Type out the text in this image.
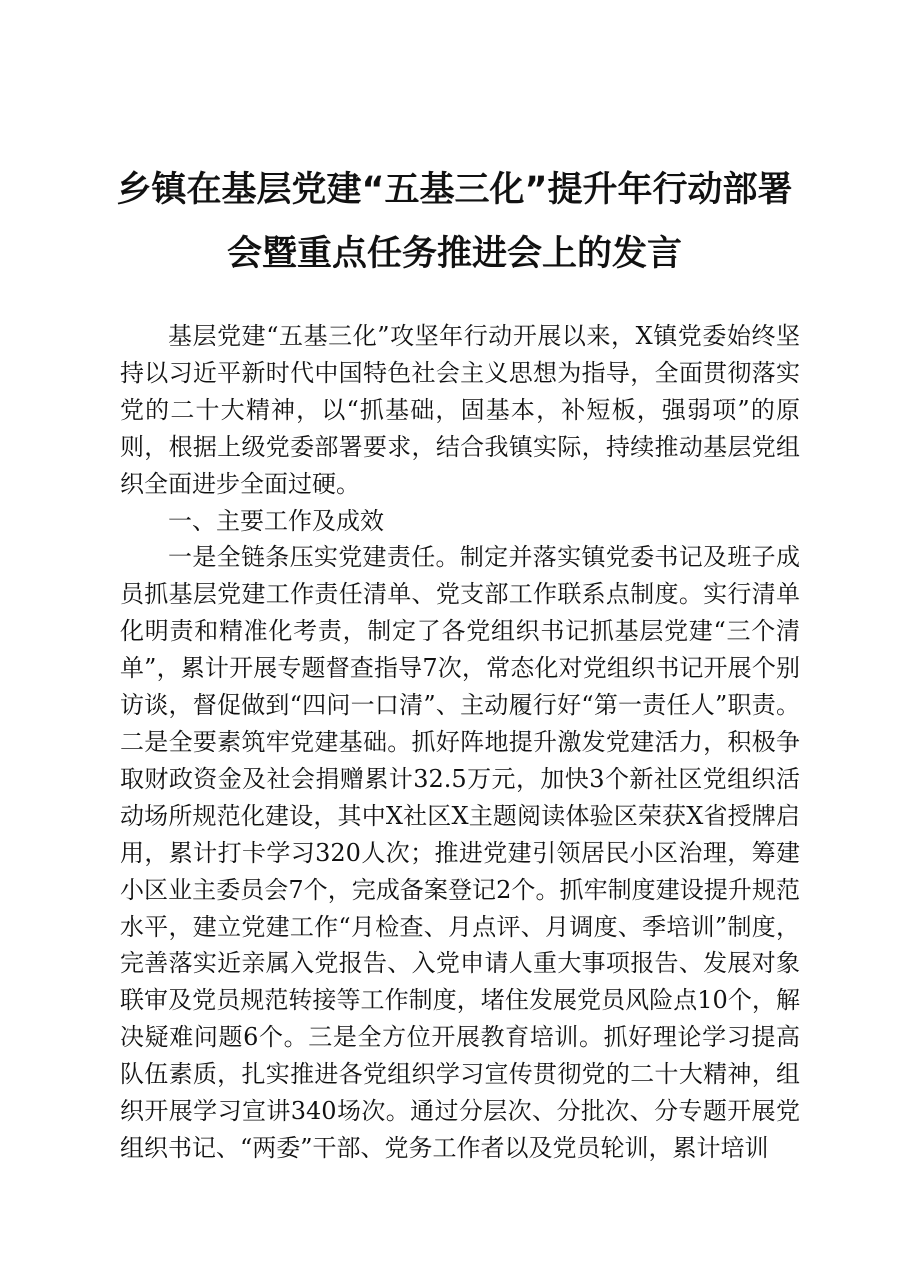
乡镇在基层党建“五基三化”提升年行动部署
会暨重点任务推进会上的发言

基层党建“五基三化”攻坚年行动开展以来，X镇党委始终坚持以习近平新时代中国特色社会主义思想为指导，全面贯彻落实党的二十大精神，以“抓基础，固基本，补短板，强弱项”的原则，根据上级党委部署要求，结合我镇实际，持续推动基层党组织全面进步全面过硬。

一、主要工作及成效

一是全链条压实党建责任。制定并落实镇党委书记及班子成员抓基层党建工作责任清单、党支部工作联系点制度。实行清单化明责和精准化考责，制定了各党组织书记抓基层党建“三个清单”，累计开展专题督查指导7次，常态化对党组织书记开展个别访谈，督促做到“四问一口清”、主动履行好“第一责任人”职责。二是全要素筑牢党建基础。抓好阵地提升激发党建活力，积极争取财政资金及社会捐赠累计32.5万元，加快3个新社区党组织活动场所规范化建设，其中X社区X主题阅读体验区荣获X省授牌启用，累计打卡学习320人次；推进党建引领居民小区治理，筹建小区业主委员会7个，完成备案登记2个。抓牢制度建设提升规范水平，建立党建工作“月检查、月点评、月调度、季培训”制度，完善落实近亲属入党报告、入党申请人重大事项报告、发展对象联审及党员规范转接等工作制度，堵住发展党员风险点10个，解决疑难问题6个。三是全方位开展教育培训。抓好理论学习提高队伍素质，扎实推进各党组织学习宣传贯彻党的二十大精神，组织开展学习宣讲340场次。通过分层次、分批次、分专题开展党组织书记、“两委”干部、党务工作者以及党员轮训，累计培训
